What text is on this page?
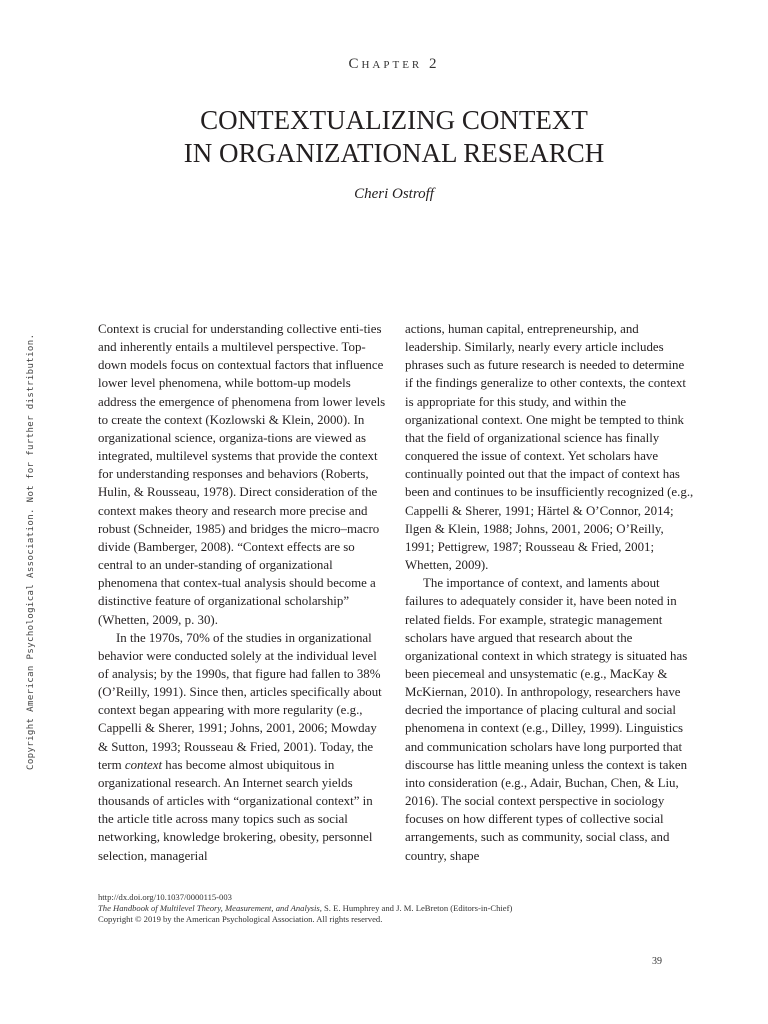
Chapter 2
CONTEXTUALIZING CONTEXT
IN ORGANIZATIONAL RESEARCH
Cheri Ostroff
Copyright American Psychological Association. Not for further distribution.

Context is crucial for understanding collective enti-ties and inherently entails a multilevel perspective. Top-down models focus on contextual factors that influence lower level phenomena, while bottom-up models address the emergence of phenomena from lower levels to create the context (Kozlowski & Klein, 2000). In organizational science, organiza-tions are viewed as integrated, multilevel systems that provide the context for understanding responses and behaviors (Roberts, Hulin, & Rousseau, 1978). Direct consideration of the context makes theory and research more precise and robust (Schneider, 1985) and bridges the micro–macro divide (Bamberger, 2008). “Context effects are so central to an under-standing of organizational phenomena that contex-tual analysis should become a distinctive feature of organizational scholarship” (Whetten, 2009, p. 30).

In the 1970s, 70% of the studies in organizational behavior were conducted solely at the individual level of analysis; by the 1990s, that figure had fallen to 38% (O’Reilly, 1991). Since then, articles specifically about context began appearing with more regularity (e.g., Cappelli & Sherer, 1991; Johns, 2001, 2006; Mowday & Sutton, 1993; Rousseau & Fried, 2001). Today, the term context has become almost ubiquitous in organizational research. An Internet search yields thousands of articles with “organizational context” in the article title across many topics such as social networking, knowledge brokering, obesity, personnel selection, managerial

actions, human capital, entrepreneurship, and leadership. Similarly, nearly every article includes phrases such as future research is needed to determine if the findings generalize to other contexts, the context is appropriate for this study, and within the organizational context. One might be tempted to think that the field of organizational science has finally conquered the issue of context. Yet scholars have continually pointed out that the impact of context has been and continues to be insufficiently recognized (e.g., Cappelli & Sherer, 1991; Härtel & O’Connor, 2014; Ilgen & Klein, 1988; Johns, 2001, 2006; O’Reilly, 1991; Pettigrew, 1987; Rousseau & Fried, 2001; Whetten, 2009).

The importance of context, and laments about failures to adequately consider it, have been noted in related fields. For example, strategic management scholars have argued that research about the organizational context in which strategy is situated has been piecemeal and unsystematic (e.g., MacKay & McKiernan, 2010). In anthropology, researchers have decried the importance of placing cultural and social phenomena in context (e.g., Dilley, 1999). Linguistics and communication scholars have long purported that discourse has little meaning unless the context is taken into consideration (e.g., Adair, Buchan, Chen, & Liu, 2016). The social context perspective in sociology focuses on how different types of collective social arrangements, such as community, social class, and country, shape

http://dx.doi.org/10.1037/0000115-003
The Handbook of Multilevel Theory, Measurement, and Analysis, S. E. Humphrey and J. M. LeBreton (Editors-in-Chief)
Copyright © 2019 by the American Psychological Association. All rights reserved.
39
